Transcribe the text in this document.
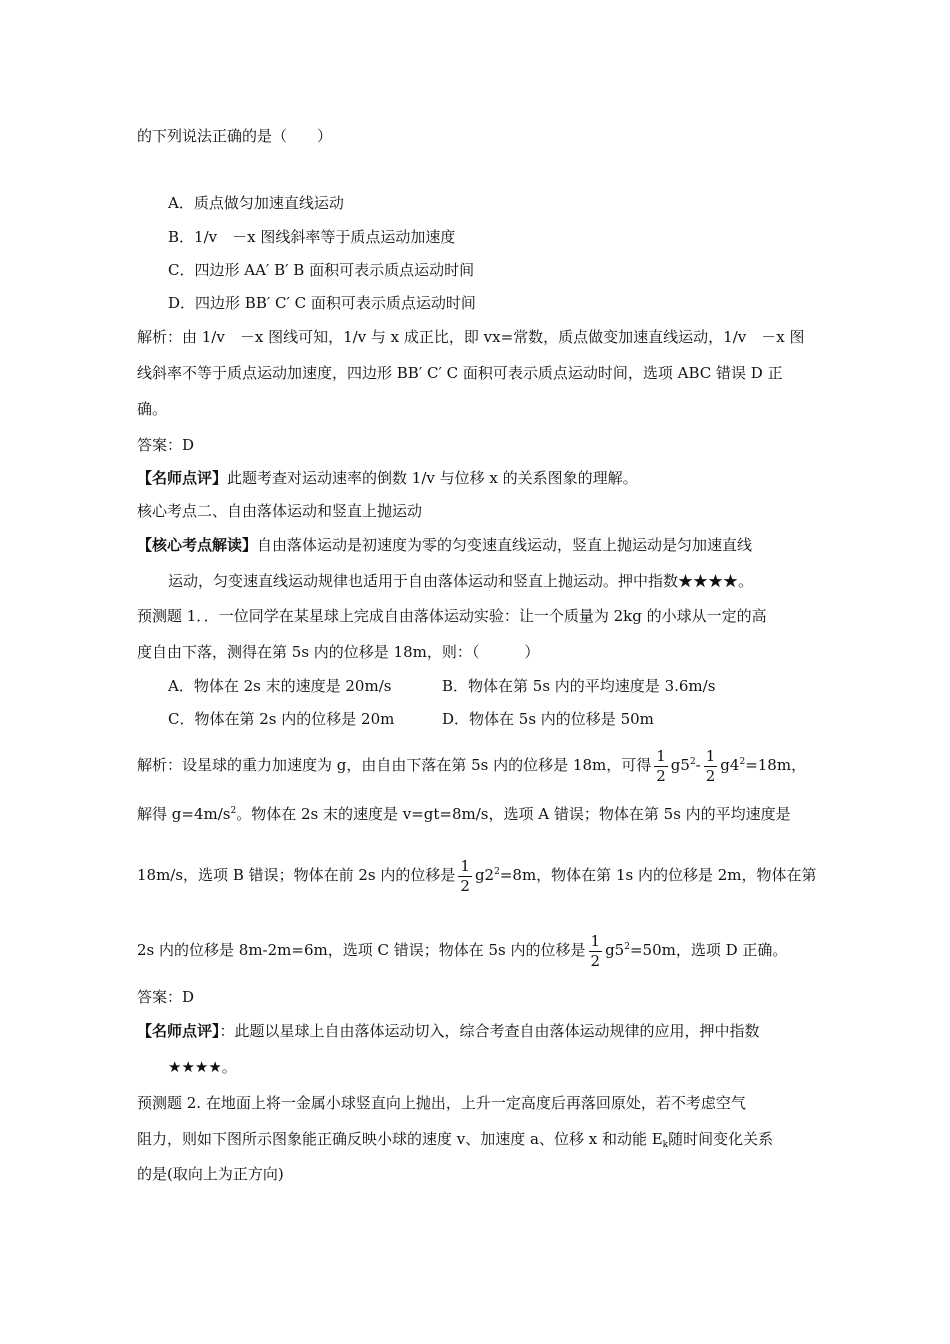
的下列说法正确的是（　　）
A．质点做匀加速直线运动
B．1/v　－x 图线斜率等于质点运动加速度
C．四边形 AA′ B′ B 面积可表示质点运动时间
D．四边形 BB′ C′ C 面积可表示质点运动时间
解析：由 1/v　－x 图线可知，1/v 与 x 成正比，即 vx=常数，质点做变加速直线运动，1/v　－x 图
线斜率不等于质点运动加速度，四边形 BB′ C′ C 面积可表示质点运动时间，选项 ABC 错误 D 正
确。
答案：D
【名师点评】此题考查对运动速率的倒数 1/v 与位移 x 的关系图象的理解。
核心考点二、自由落体运动和竖直上抛运动
【核心考点解读】自由落体运动是初速度为零的匀变速直线运动，竖直上抛运动是匀加速直线
运动，匀变速直线运动规律也适用于自由落体运动和竖直上抛运动。押中指数★★★★。
预测题 1．．一位同学在某星球上完成自由落体运动实验：让一个质量为 2kg 的小球从一定的高
度自由下落，测得在第 5s 内的位移是 18m，则：（　　　）
A．物体在 2s 末的速度是 20m/s	B．物体在第 5s 内的平均速度是 3.6m/s
C．物体在第 2s 内的位移是 20m	D．物体在 5s 内的位移是 50m
解析：设星球的重力加速度为 g，由自由下落在第 5s 内的位移是 18m，可得 $\frac{1}{2} g5^2- \frac{1}{2} g4^2=18m$，
解得 $g=4m/s^2$。物体在 2s 末的速度是 v=gt=8m/s，选项 A 错误；物体在第 5s 内的平均速度是
18m/s，选项 B 错误；物体在前 2s 内的位移是 $\frac{1}{2} g2^2=8m$，物体在第 1s 内的位移是 2m，物体在第
2s 内的位移是 8m-2m=6m，选项 C 错误；物体在 5s 内的位移是 $\frac{1}{2} g5^2=50m$，选项 D 正确。
答案：D
【名师点评】：此题以星球上自由落体运动切入，综合考查自由落体运动规律的应用，押中指数
★★★★。
预测题 2. 在地面上将一金属小球竖直向上抛出，上升一定高度后再落回原处，若不考虑空气
阻力，则如下图所示图象能正确反映小球的速度 v、加速度 a、位移 x 和动能 $E_k$随时间变化关系
的是(取向上为正方向)
